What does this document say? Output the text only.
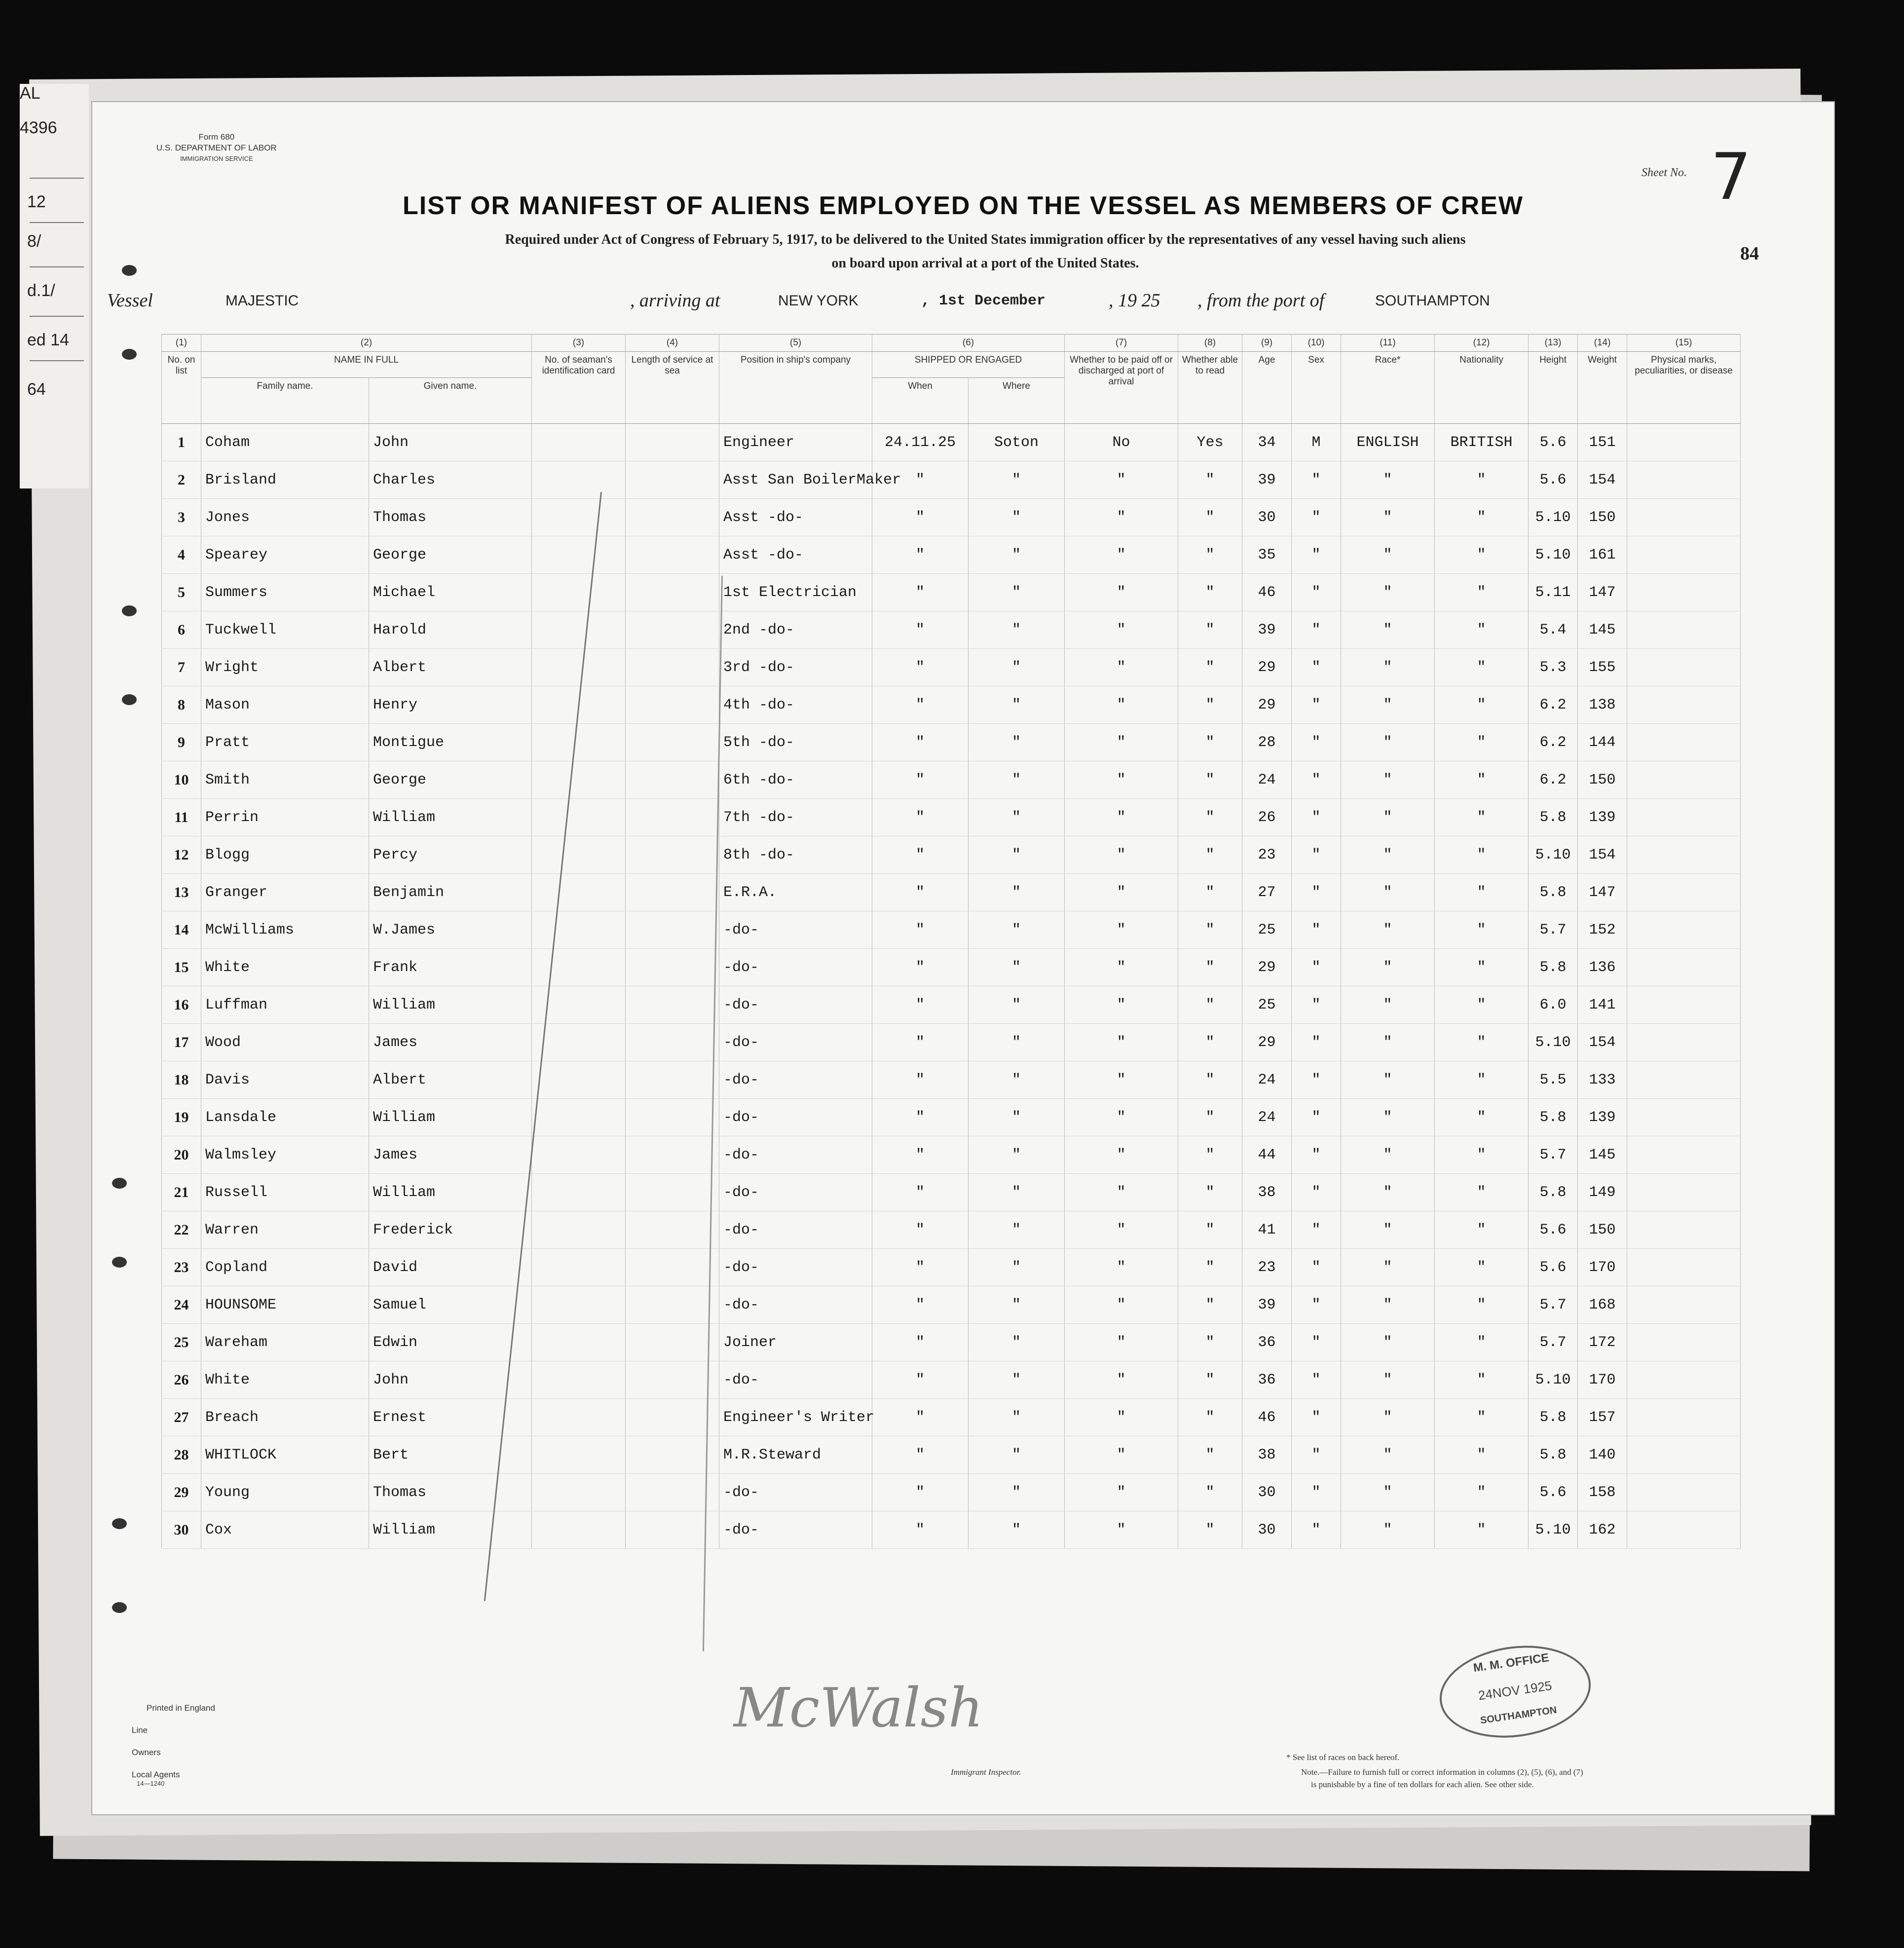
AL
4396
12
8/
d.1/
ed 14
64
Form 680
U.S. DEPARTMENT OF LABOR
IMMIGRATION SERVICE
LIST OR MANIFEST OF ALIENS EMPLOYED ON THE VESSEL AS MEMBERS OF CREW
Required under Act of Congress of February 5, 1917, to be delivered to the United States immigration officer by the representatives of any vessel having such aliens
on board upon arrival at a port of the United States.
Sheet No. 7
84
Vessel	MAJESTIC	, arriving at	NEW YORK	, 1st December	, 19 25 , from the port of	SOUTHAMPTON
(1)	(2)		(3)	(4)	(5)	(6)		(7)	(8)	(9)	(10)	(11)	(12)	(13)	(14)	(15)
No. on list	NAME IN FULL		No. of seaman's identification card	Length of service at sea	Position in ship's company	SHIPPED OR ENGAGED		Whether to be paid off or discharged at port of arrival	Whether able to read	Age	Sex	Race*	Nationality	Height	Weight	Physical marks, peculiarities, or disease
	Family name.	Given name.				When	Where									
1	Coham	John			Engineer	24.11.25	Soton	No	Yes	34	M	ENGLISH	BRITISH	5.6	151	
2	Brisland	Charles			Asst San BoilerMaker	"	"	"	"	39	"	"	"	5.6	154	
3	Jones	Thomas			Asst -do-	"	"	"	"	30	"	"	"	5.10	150	
4	Spearey	George			Asst -do-	"	"	"	"	35	"	"	"	5.10	161	
5	Summers	Michael			1st Electrician	"	"	"	"	46	"	"	"	5.11	147	
6	Tuckwell	Harold			2nd -do-	"	"	"	"	39	"	"	"	5.4	145	
7	Wright	Albert			3rd -do-	"	"	"	"	29	"	"	"	5.3	155	
8	Mason	Henry			4th -do-	"	"	"	"	29	"	"	"	6.2	138	
9	Pratt	Montigue			5th -do-	"	"	"	"	28	"	"	"	6.2	144	
10	Smith	George			6th -do-	"	"	"	"	24	"	"	"	6.2	150	
11	Perrin	William			7th -do-	"	"	"	"	26	"	"	"	5.8	139	
12	Blogg	Percy			8th -do-	"	"	"	"	23	"	"	"	5.10	154	
13	Granger	Benjamin			E.R.A.	"	"	"	"	27	"	"	"	5.8	147	
14	McWilliams	W.James			-do-	"	"	"	"	25	"	"	"	5.7	152	
15	White	Frank			-do-	"	"	"	"	29	"	"	"	5.8	136	
16	Luffman	William			-do-	"	"	"	"	25	"	"	"	6.0	141	
17	Wood	James			-do-	"	"	"	"	29	"	"	"	5.10	154	
18	Davis	Albert			-do-	"	"	"	"	24	"	"	"	5.5	133	
19	Lansdale	William			-do-	"	"	"	"	24	"	"	"	5.8	139	
20	Walmsley	James			-do-	"	"	"	"	44	"	"	"	5.7	145	
21	Russell	William			-do-	"	"	"	"	38	"	"	"	5.8	149	
22	Warren	Frederick			-do-	"	"	"	"	41	"	"	"	5.6	150	
23	Copland	David			-do-	"	"	"	"	23	"	"	"	5.6	170	
24	HOUNSOME	Samuel			-do-	"	"	"	"	39	"	"	"	5.7	168	
25	Wareham	Edwin			Joiner	"	"	"	"	36	"	"	"	5.7	172	
26	White	John			-do-	"	"	"	"	36	"	"	"	5.10	170	
27	Breach	Ernest			Engineer's Writer	"	"	"	"	46	"	"	"	5.8	157	
28	WHITLOCK	Bert			M.R.Steward	"	"	"	"	38	"	"	"	5.8	140	
29	Young	Thomas			-do-	"	"	"	"	30	"	"	"	5.6	158	
30	Cox	William			-do-	"	"	"	"	30	"	"	"	5.10	162	
Printed in England
Line
Owners
Local Agents
14—1240
McWalsh
Immigrant Inspector.
* See list of races on back hereof.
Note.—Failure to furnish full or correct information in columns (2), (5), (6), and (7)
is punishable by a fine of ten dollars for each alien. See other side.
M. M. OFFICE
24NOV 1925
SOUTHAMPTON
